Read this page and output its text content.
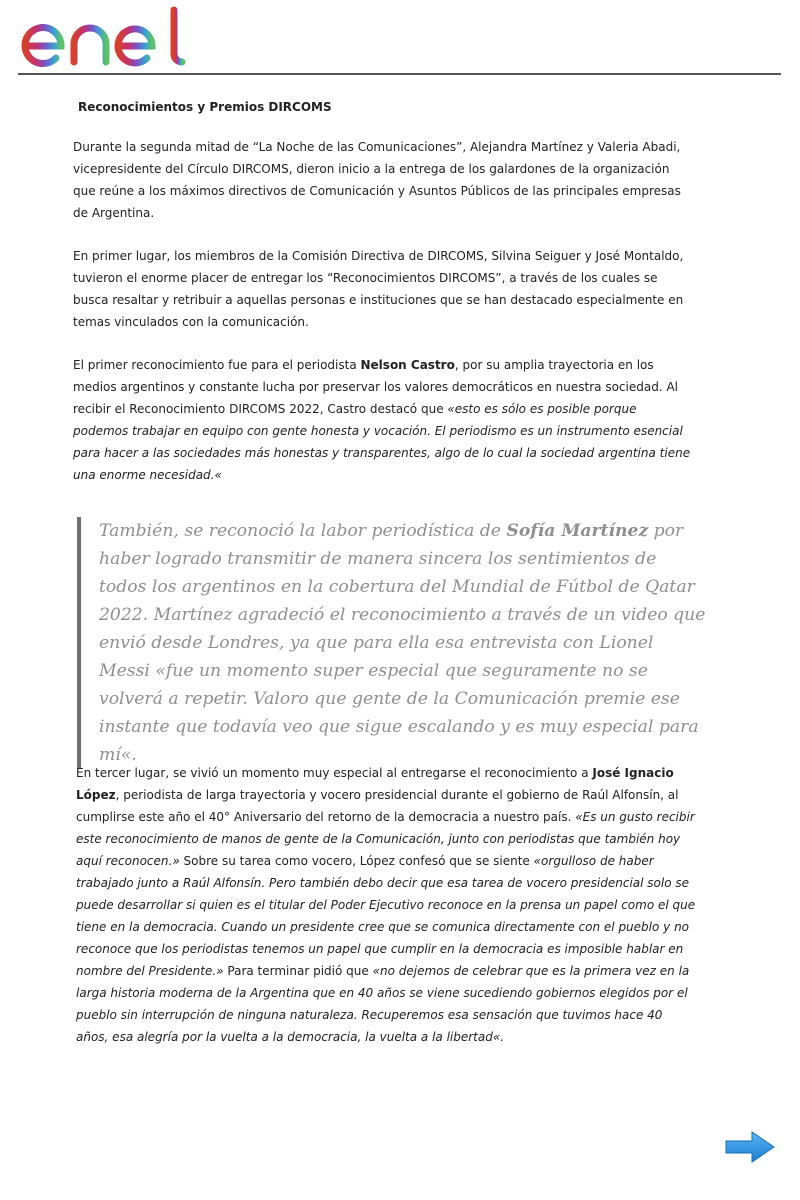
Reconocimientos y Premios DIRCOMS

Durante la segunda mitad de “La Noche de las Comunicaciones”, Alejandra Martínez y Valeria Abadi, vicepresidente del Círculo DIRCOMS, dieron inicio a la entrega de los galardones de la organización que reúne a los máximos directivos de Comunicación y Asuntos Públicos de las principales empresas de Argentina.

En primer lugar, los miembros de la Comisión Directiva de DIRCOMS, Silvina Seiguer y José Montaldo, tuvieron el enorme placer de entregar los “Reconocimientos DIRCOMS”, a través de los cuales se busca resaltar y retribuir a aquellas personas e instituciones que se han destacado especialmente en temas vinculados con la comunicación.

El primer reconocimiento fue para el periodista Nelson Castro, por su amplia trayectoria en los medios argentinos y constante lucha por preservar los valores democráticos en nuestra sociedad. Al recibir el Reconocimiento DIRCOMS 2022, Castro destacó que «esto es sólo es posible porque podemos trabajar en equipo con gente honesta y vocación. El periodismo es un instrumento esencial para hacer a las sociedades más honestas y transparentes, algo de lo cual la sociedad argentina tiene una enorme necesidad.«

También, se reconoció la labor periodística de Sofía Martínez por haber logrado transmitir de manera sincera los sentimientos de todos los argentinos en la cobertura del Mundial de Fútbol de Qatar 2022. Martínez agradeció el reconocimiento a través de un video que envió desde Londres, ya que para ella esa entrevista con Lionel Messi «fue un momento super especial que seguramente no se volverá a repetir. Valoro que gente de la Comunicación premie ese instante que todavía veo que sigue escalando y es muy especial para mí«.

En tercer lugar, se vivió un momento muy especial al entregarse el reconocimiento a José Ignacio López, periodista de larga trayectoria y vocero presidencial durante el gobierno de Raúl Alfonsín, al cumplirse este año el 40° Aniversario del retorno de la democracia a nuestro país. «Es un gusto recibir este reconocimiento de manos de gente de la Comunicación, junto con periodistas que también hoy aquí reconocen.» Sobre su tarea como vocero, López confesó que se siente «orgulloso de haber trabajado junto a Raúl Alfonsín. Pero también debo decir que esa tarea de vocero presidencial solo se puede desarrollar si quien es el titular del Poder Ejecutivo reconoce en la prensa un papel como el que tiene en la democracia. Cuando un presidente cree que se comunica directamente con el pueblo y no reconoce que los periodistas tenemos un papel que cumplir en la democracia es imposible hablar en nombre del Presidente.» Para terminar pidió que «no dejemos de celebrar que es la primera vez en la larga historia moderna de la Argentina que en 40 años se viene sucediendo gobiernos elegidos por el pueblo sin interrupción de ninguna naturaleza. Recuperemos esa sensación que tuvimos hace 40 años, esa alegría por la vuelta a la democracia, la vuelta a la libertad«.
